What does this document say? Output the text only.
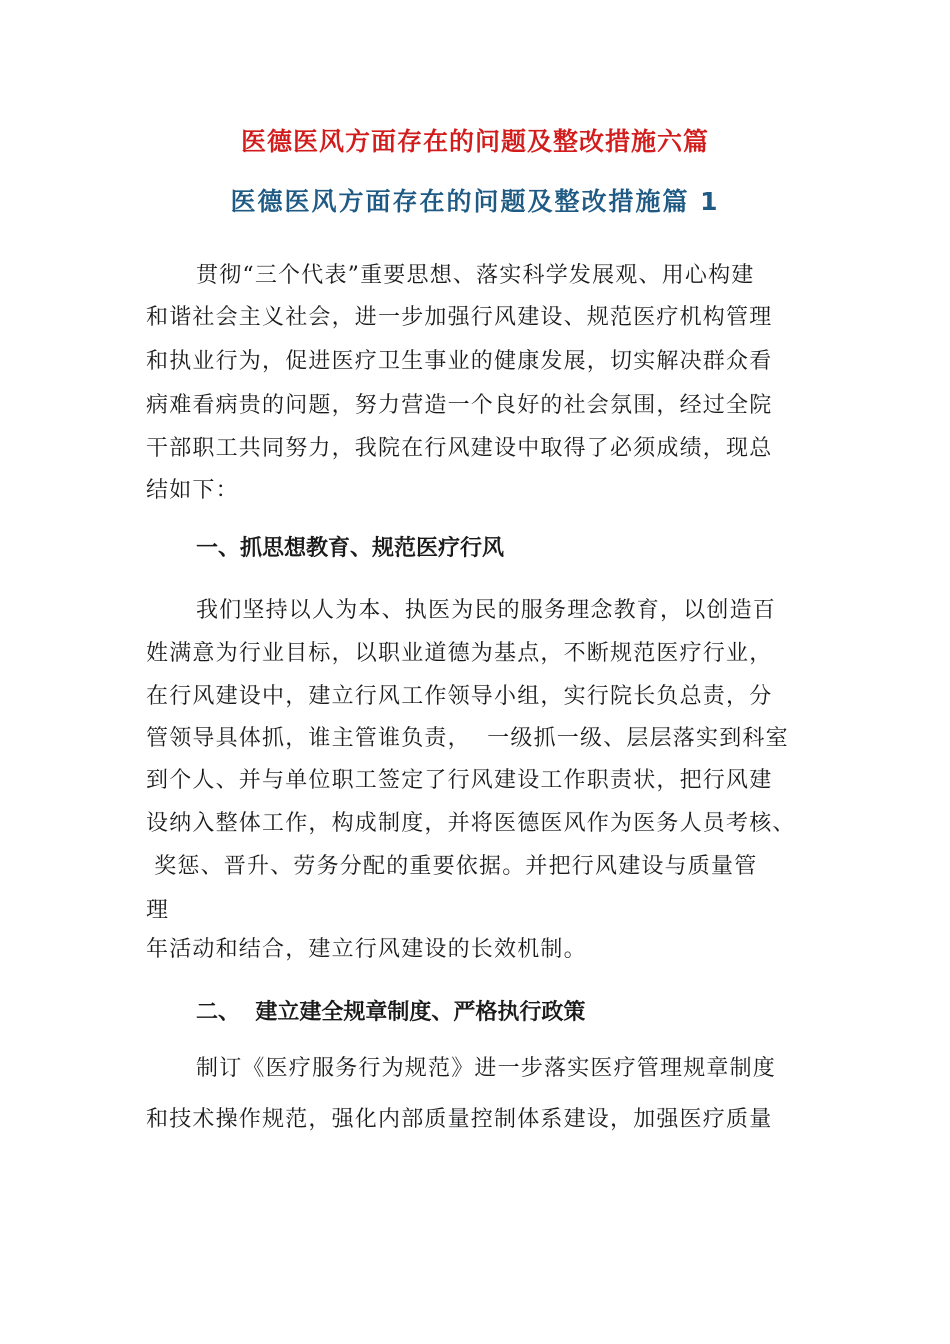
医德医风方面存在的问题及整改措施六篇
医德医风方面存在的问题及整改措施篇 1
贯彻“三个代表”重要思想、落实科学发展观、用心构建
和谐社会主义社会，进一步加强行风建设、规范医疗机构管理
和执业行为，促进医疗卫生事业的健康发展，切实解决群众看
病难看病贵的问题，努力营造一个良好的社会氛围，经过全院
干部职工共同努力，我院在行风建设中取得了必须成绩，现总
结如下：
一、抓思想教育、规范医疗行风
我们坚持以人为本、执医为民的服务理念教育，以创造百
姓满意为行业目标，以职业道德为基点，不断规范医疗行业，
在行风建设中，建立行风工作领导小组，实行院长负总责，分
管领导具体抓，谁主管谁负责，  一级抓一级、层层落实到科室
到个人、并与单位职工签定了行风建设工作职责状，把行风建
设纳入整体工作，构成制度，并将医德医风作为医务人员考核、
奖惩、晋升、劳务分配的重要依据。并把行风建设与质量管
理
年活动和结合，建立行风建设的长效机制。
二、  建立建全规章制度、严格执行政策
制订《医疗服务行为规范》进一步落实医疗管理规章制度
和技术操作规范，强化内部质量控制体系建设，加强医疗质量
